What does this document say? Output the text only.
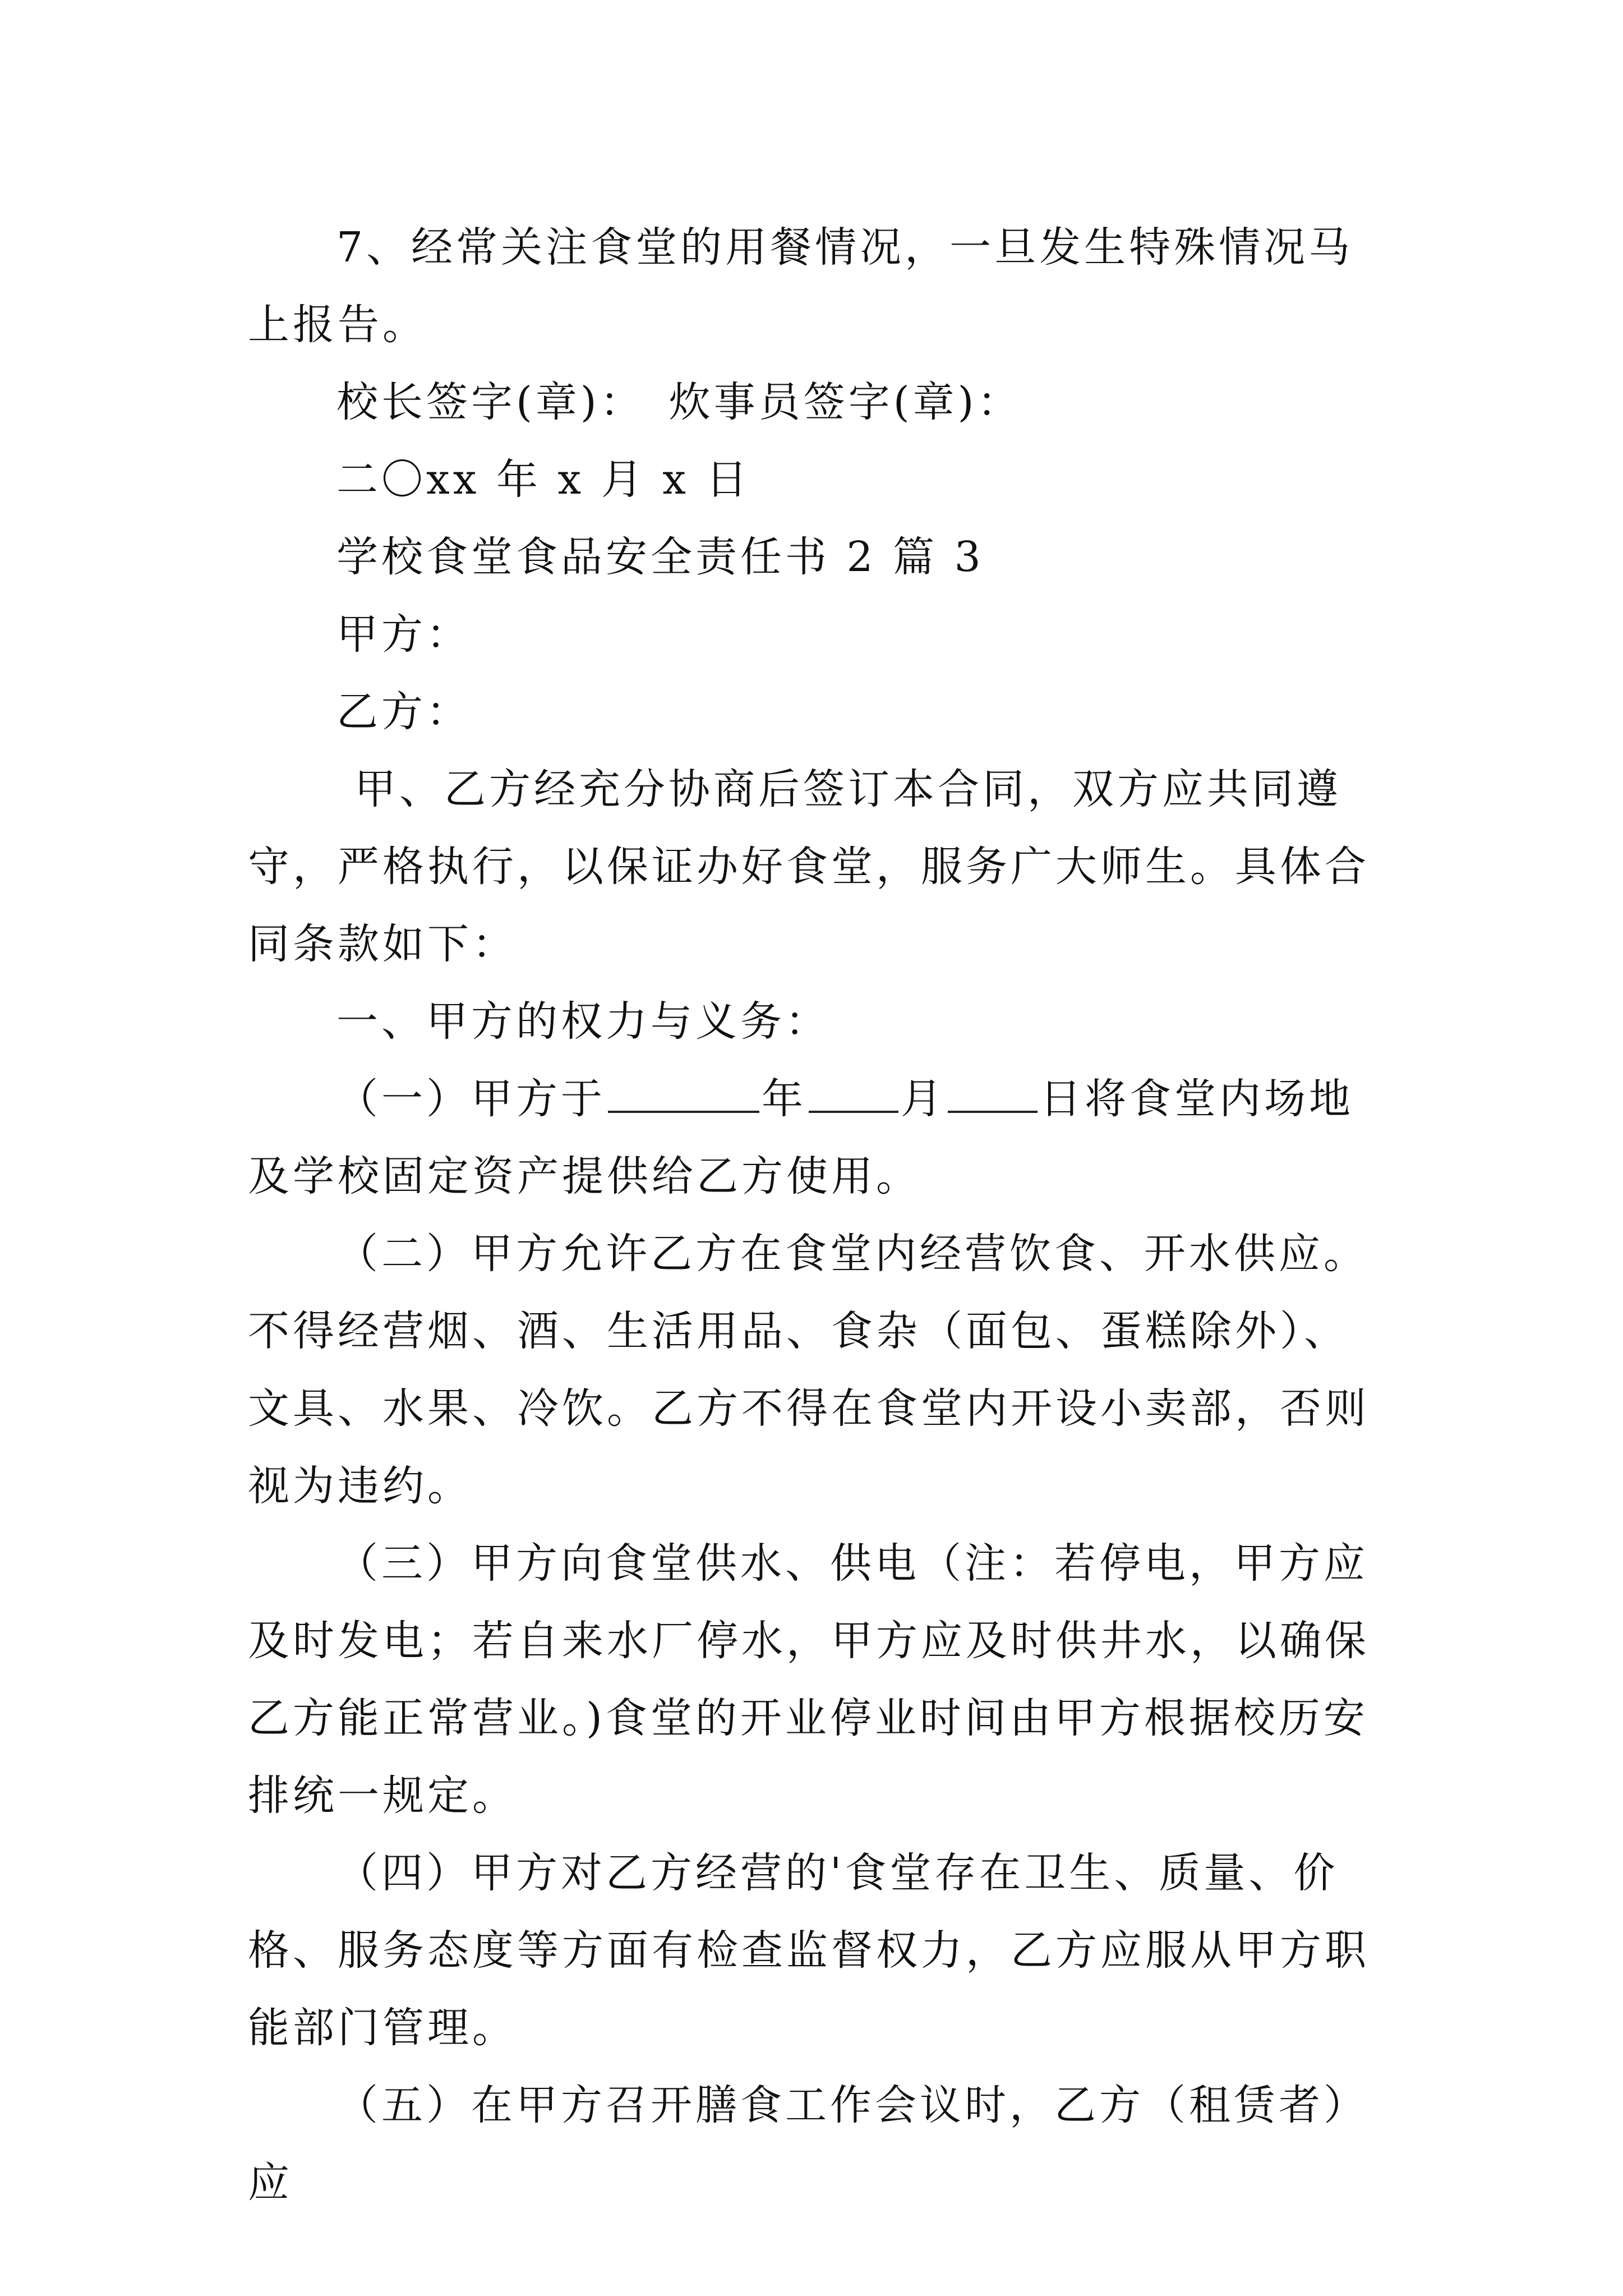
7、经常关注食堂的用餐情况，一旦发生特殊情况马上报告。

校长签字(章)：　炊事员签字(章)：

二〇xx 年 x 月 x 日

学校食堂食品安全责任书 2 篇 3

甲方：

乙方：

甲、乙方经充分协商后签订本合同，双方应共同遵守，严格执行，以保证办好食堂，服务广大师生。具体合同条款如下：

一、甲方的权力与义务：

（一）甲方于	年 月 日将食堂内场地及学校固定资产提供给乙方使用。

（二）甲方允许乙方在食堂内经营饮食、开水供应。不得经营烟、酒、生活用品、食杂（面包、蛋糕除外）、文具、水果、冷饮。乙方不得在食堂内开设小卖部，否则视为违约。

（三）甲方向食堂供水、供电（注：若停电，甲方应及时发电；若自来水厂停水，甲方应及时供井水，以确保乙方能正常营业。)食堂的开业停业时间由甲方根据校历安排统一规定。

（四）甲方对乙方经营的'食堂存在卫生、质量、价格、服务态度等方面有检查监督权力，乙方应服从甲方职能部门管理。

（五）在甲方召开膳食工作会议时，乙方（租赁者）应
